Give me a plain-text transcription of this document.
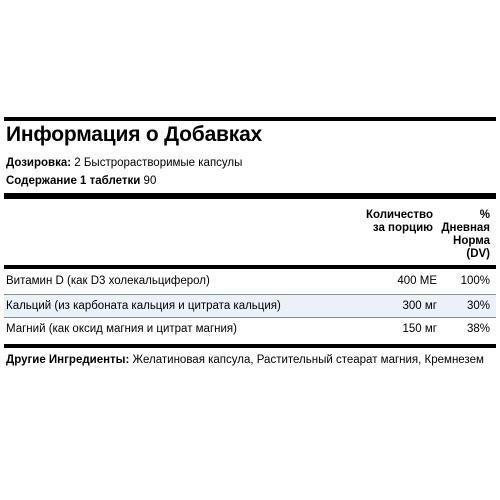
Информация о Добавках
Дозировка: 2 Быстрорастворимые капсулы
Содержание 1 таблетки 90
Количество
за порцию
%
Дневная
Норма
(DV)
Витамин D (как D3 холекальциферол)	400 МЕ 100%
Кальций (из карбоната кальция и цитрата кальция)	300 мг	30%
Магний (как оксид магния и цитрат магния)	150 мг	38%
Другие Ингредиенты: Желатиновая капсула, Растительный стеарат магния, Кремнезем
